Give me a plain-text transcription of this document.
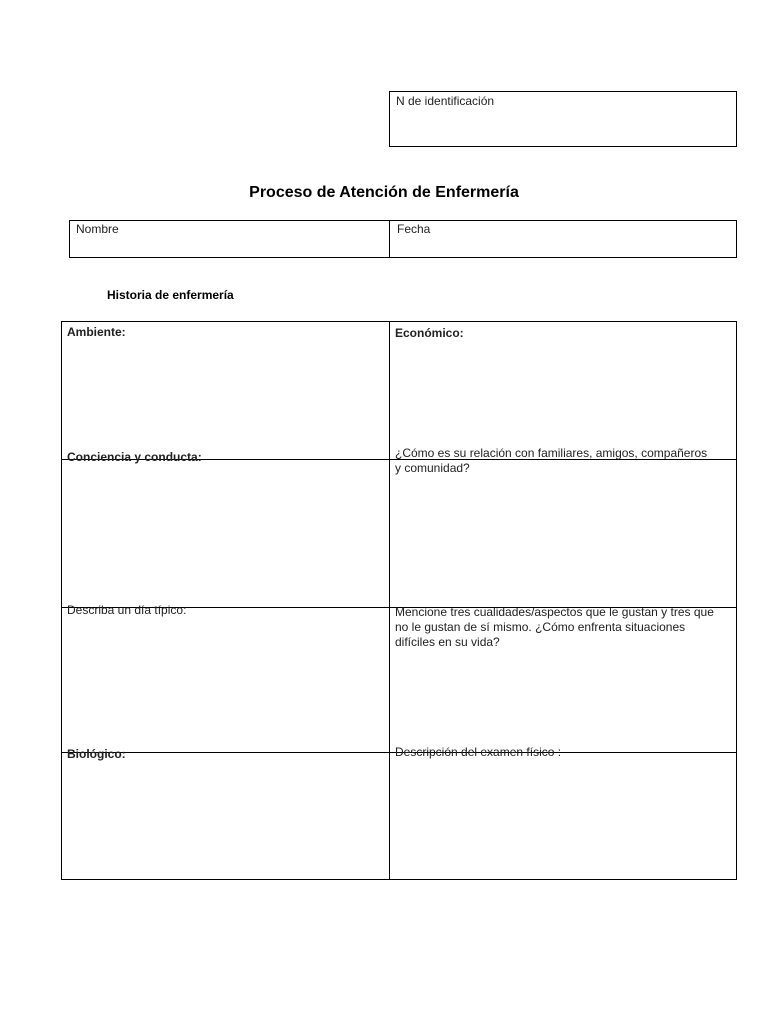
N de identificación
Proceso de Atención de Enfermería
Nombre	Fecha
Historia de enfermería
Ambiente:	Económico:
Conciencia y conducta:	¿Cómo es su relación con familiares, amigos, compañeros y comunidad?
Describa un día típico:	Mencione tres cualidades/aspectos que le gustan y tres que no le gustan de sí mismo. ¿Cómo enfrenta situaciones difíciles en su vida?
Biológico:	Descripción del examen físico :
